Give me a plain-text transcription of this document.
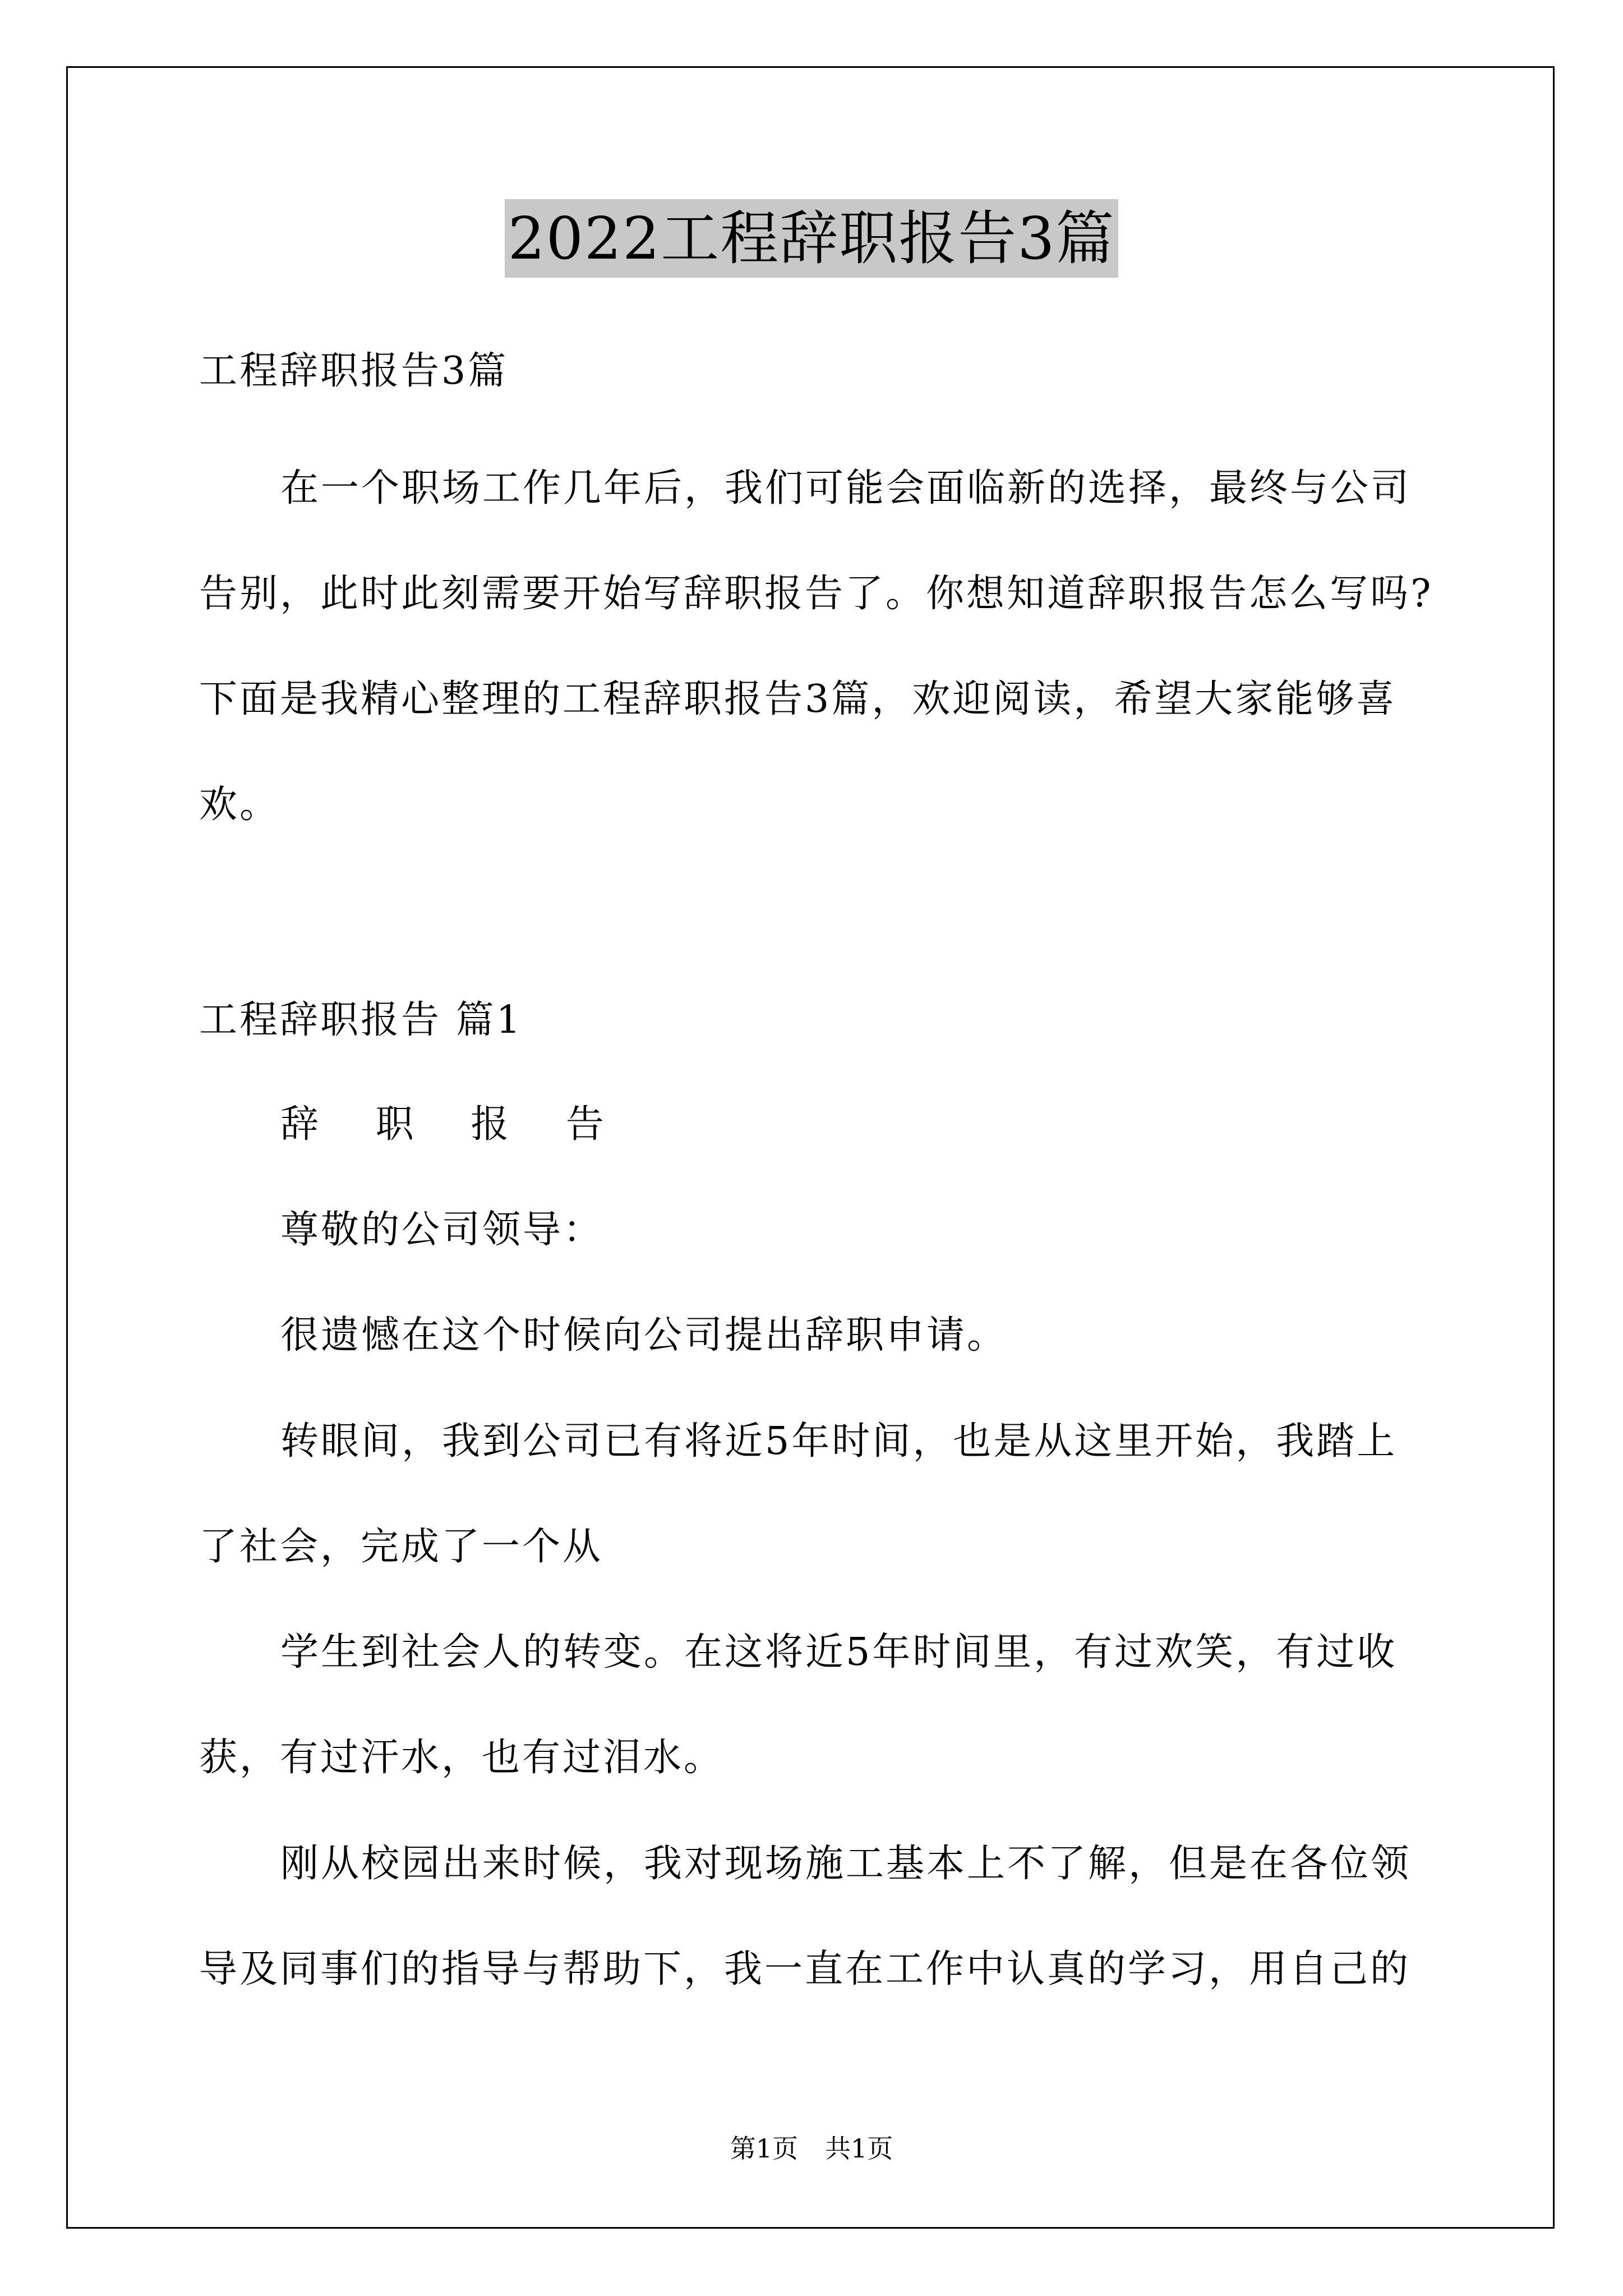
2022工程辞职报告3篇
工程辞职报告3篇
在一个职场工作几年后，我们可能会面临新的选择，最终与公司
告别，此时此刻需要开始写辞职报告了。你想知道辞职报告怎么写吗?
下面是我精心整理的工程辞职报告3篇，欢迎阅读，希望大家能够喜
欢。
工程辞职报告 篇1
辞 职 报 告
尊敬的公司领导：
很遗憾在这个时候向公司提出辞职申请。
转眼间，我到公司已有将近5年时间，也是从这里开始，我踏上
了社会，完成了一个从
学生到社会人的转变。在这将近5年时间里，有过欢笑，有过收
获，有过汗水，也有过泪水。
刚从校园出来时候，我对现场施工基本上不了解，但是在各位领
导及同事们的指导与帮助下，我一直在工作中认真的学习，用自己的
第1页 共1页
